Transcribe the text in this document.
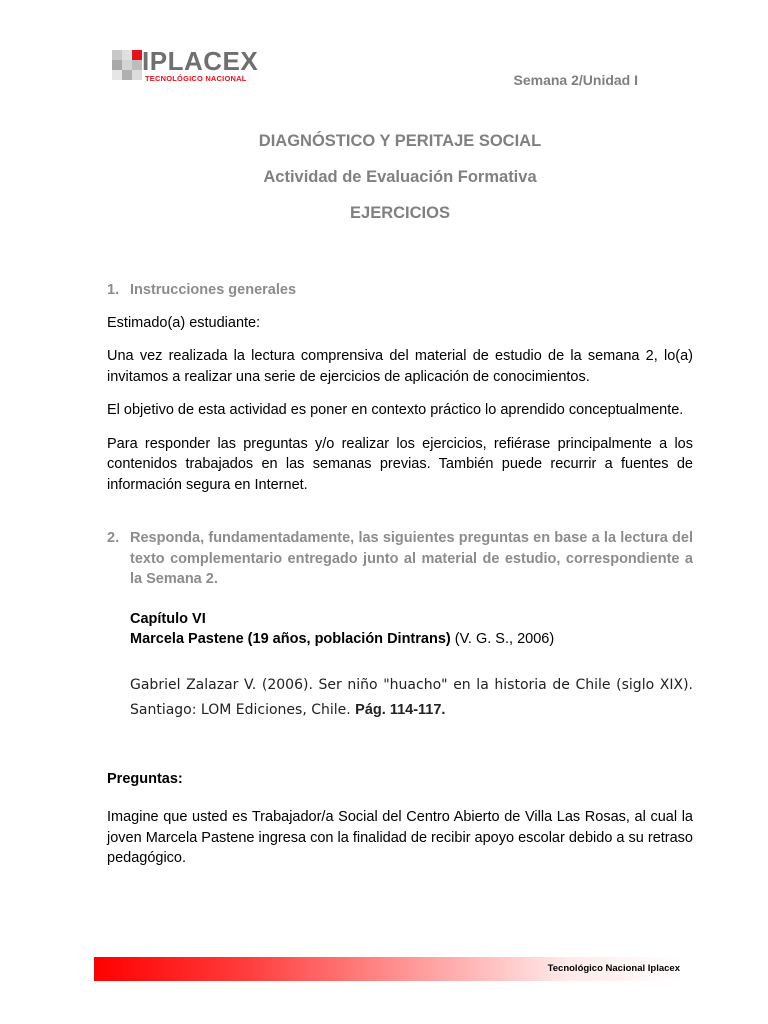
IPLACEX
TECNOLÓGICO NACIONAL	Semana 2/Unidad I
DIAGNÓSTICO Y PERITAJE SOCIAL
Actividad de Evaluación Formativa
EJERCICIOS
1. Instrucciones generales

Estimado(a) estudiante:

Una vez realizada la lectura comprensiva del material de estudio de la semana 2, lo(a) invitamos a realizar una serie de ejercicios de aplicación de conocimientos.

El objetivo de esta actividad es poner en contexto práctico lo aprendido conceptualmente.

Para responder las preguntas y/o realizar los ejercicios, refiérase principalmente a los contenidos trabajados en las semanas previas. También puede recurrir a fuentes de información segura en Internet.

2. Responda, fundamentadamente, las siguientes preguntas en base a la lectura del texto complementario entregado junto al material de estudio, correspondiente a la Semana 2.
Capítulo VI
Marcela Pastene (19 años, población Dintrans) (V. G. S., 2006)
Gabriel Zalazar V. (2006). Ser niño "huacho" en la historia de Chile (siglo XIX). Santiago: LOM Ediciones, Chile. Pág. 114-117.
Preguntas:

Imagine que usted es Trabajador/a Social del Centro Abierto de Villa Las Rosas, al cual la joven Marcela Pastene ingresa con la finalidad de recibir apoyo escolar debido a su retraso pedagógico.

Tecnológico Nacional Iplacex
